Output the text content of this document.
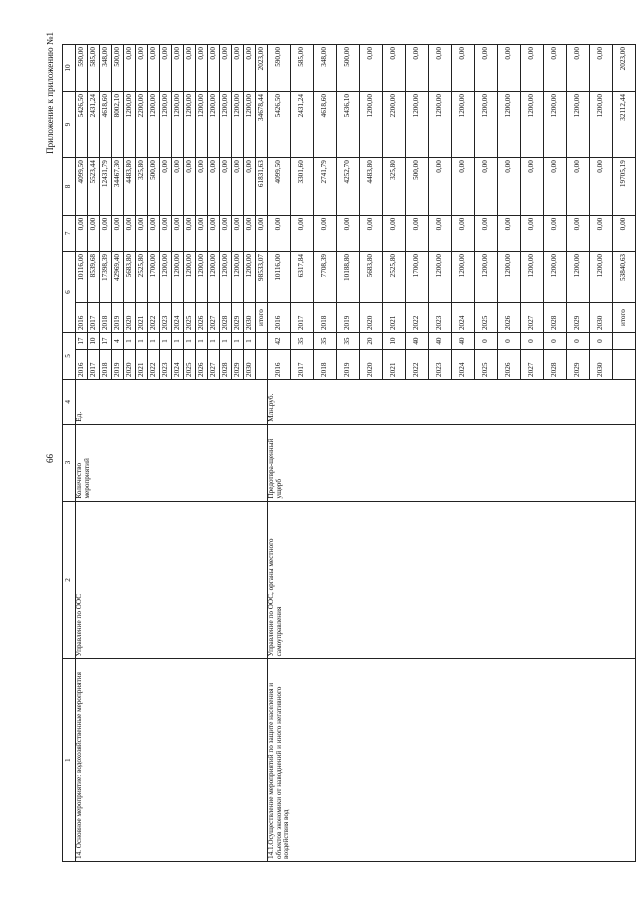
66
Приложение к приложению №1
1	2	3	4	5		6		7	8	9	10
14. Основное мероприятие: водохозяйственные мероприятия	Управление по ООС	Количество мероприятий	Ед.	2016	17	2016	10116,00	0,00	4099,50	5426,50	590,00
				2017	10	2017	8539,68	0,00	5523,44	2431,24	585,00
				2018	17	2018	17398,39	0,00	12431,79	4618,60	348,00
				2019	4	2019	42969,40	0,00	34467,30	8002,10	500,00
				2020	1	2020	5683,80	0,00	4483,80	1200,00	0,00
				2021	1	2021	2525,80	0,00	325,80	2200,00	0,00
				2022	1	2022	1700,00	0,00	500,00	1200,00	0,00
				2023	1	2023	1200,00	0,00	0,00	1200,00	0,00
				2024	1	2024	1200,00	0,00	0,00	1200,00	0,00
				2025	1	2025	1200,00	0,00	0,00	1200,00	0,00
				2026	1	2026	1200,00	0,00	0,00	1200,00	0,00
				2027	1	2027	1200,00	0,00	0,00	1200,00	0,00
				2028	1	2028	1200,00	0,00	0,00	1200,00	0,00
				2029	1	2029	1200,00	0,00	0,00	1200,00	0,00
				2030	1	2030	1200,00	0,00	0,00	1200,00	0,00
						итого	98533,07	0,00	61831,63	34678,44	2023,00
14.1.Осуществление мероприятий по защите населения и объектов экономики от наводнений и иного негативного воздействия вод	Управление по ООС, органы местного самоуправления	Предотвра-щенный ущерб	Млн.руб.	2016	42	2016	10116,00	0,00	4099,50	5426,50	590,00
				2017	35	2017	6317,84	0,00	3301,60	2431,24	585,00
				2018	35	2018	7708,39	0,00	2741,79	4618,60	348,00
				2019	35	2019	10188,80	0,00	4252,70	5436,10	500,00
				2020	20	2020	5683,80	0,00	4483,80	1200,00	0,00
				2021	10	2021	2525,80	0,00	325,80	2200,00	0,00
				2022	40	2022	1700,00	0,00	500,00	1200,00	0,00
				2023	40	2023	1200,00	0,00	0,00	1200,00	0,00
				2024	40	2024	1200,00	0,00	0,00	1200,00	0,00
				2025	0	2025	1200,00	0,00	0,00	1200,00	0,00
				2026	0	2026	1200,00	0,00	0,00	1200,00	0,00
				2027	0	2027	1200,00	0,00	0,00	1200,00	0,00
				2028	0	2028	1200,00	0,00	0,00	1200,00	0,00
				2029	0	2029	1200,00	0,00	0,00	1200,00	0,00
				2030	0	2030	1200,00	0,00	0,00	1200,00	0,00
						итого	53840,63	0,00	19705,19	32112,44	2023,00
